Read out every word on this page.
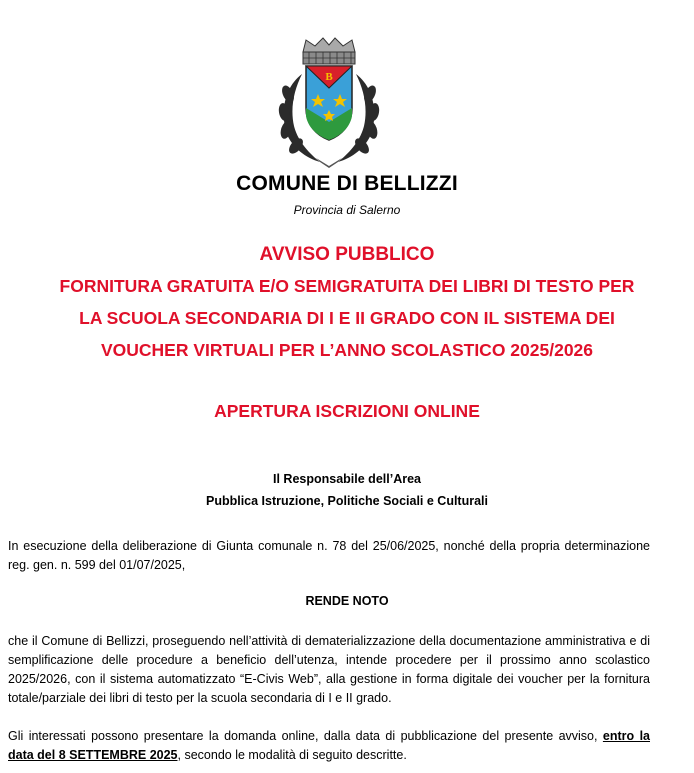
B
COMUNE DI BELLIZZI
Provincia di Salerno
AVVISO PUBBLICO
FORNITURA GRATUITA E/O SEMIGRATUITA DEI LIBRI DI TESTO PER
LA SCUOLA SECONDARIA DI I E II GRADO CON IL SISTEMA DEI
VOUCHER VIRTUALI PER L’ANNO SCOLASTICO 2025/2026
APERTURA ISCRIZIONI ONLINE
Il Responsabile dell’Area
Pubblica Istruzione, Politiche Sociali e Culturali
In esecuzione della deliberazione di Giunta comunale n. 78 del 25/06/2025, nonché della propria determinazione reg. gen. n. 599 del 01/07/2025,
RENDE NOTO
che il Comune di Bellizzi, proseguendo nell’attività di dematerializzazione della documentazione amministrativa e di semplificazione delle procedure a beneficio dell’utenza, intende procedere per il prossimo anno scolastico 2025/2026, con il sistema automatizzato “E-Civis Web”, alla gestione in forma digitale dei voucher per la fornitura totale/parziale dei libri di testo per la scuola secondaria di I e II grado.
Gli interessati possono presentare la domanda online, dalla data di pubblicazione del presente avviso, entro la data del 8 SETTEMBRE 2025, secondo le modalità di seguito descritte.
